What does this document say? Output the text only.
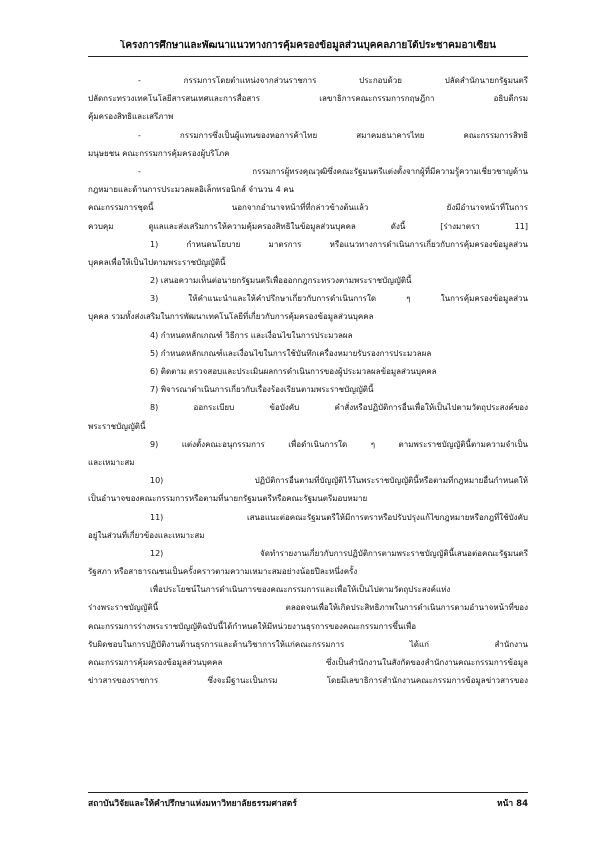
โครงการศึกษาและพัฒนาแนวทางการคุ้มครองข้อมูลส่วนบุคคลภายใต้ประชาคมอาเซียน
- กรรมการโดยตำแหน่งจากส่วนราชการ ประกอบด้วย ปลัดสำนักนายกรัฐมนตรี
ปลัดกระทรวงเทคโนโลยีสารสนเทศและการสื่อสาร เลขาธิการคณะกรรมการกฤษฎีกา อธิบดีกรม
คุ้มครองสิทธิและเสรีภาพ
- กรรมการซึ่งเป็นผู้แทนของหอการค้าไทย สมาคมธนาคารไทย คณะกรรมการสิทธิ
มนุษยชน คณะกรรมการคุ้มครองผู้บริโภค
- กรรมการผู้ทรงคุณวุฒิซึ่งคณะรัฐมนตรีแต่งตั้งจากผู้ที่มีความรู้ความเชี่ยวชาญด้าน
กฎหมายและด้านการประมวลผลอิเล็กทรอนิกส์ จำนวน 4 คน
คณะกรรมการชุดนี้ นอกจากอำนาจหน้าที่ที่กล่าวข้างต้นแล้ว ยังมีอำนาจหน้าที่ในการ
ควบคุม ดูแลและส่งเสริมการให้ความคุ้มครองสิทธิในข้อมูลส่วนบุคคล ดังนี้ [ร่างมาตรา 11]
1) กำหนดนโยบาย มาตรการ หรือแนวทางการดำเนินการเกี่ยวกับการคุ้มครองข้อมูลส่วน
บุคคลเพื่อให้เป็นไปตามพระราชบัญญัตินี้
2) เสนอความเห็นต่อนายกรัฐมนตรีเพื่อออกกฎกระทรวงตามพระราชบัญญัตินี้
3) ให้คำแนะนำและให้คำปรึกษาเกี่ยวกับการดำเนินการใด ๆ ในการคุ้มครองข้อมูลส่วน
บุคคล รวมทั้งส่งเสริมในการพัฒนาเทคโนโลยีที่เกี่ยวกับการคุ้มครองข้อมูลส่วนบุคคล
4) กำหนดหลักเกณฑ์ วิธีการ และเงื่อนไขในการประมวลผล
5) กำหนดหลักเกณฑ์และเงื่อนไขในการใช้บันทึกเครื่องหมายรับรองการประมวลผล
6) ติดตาม ตรวจสอบและประเมินผลการดำเนินการของผู้ประมวลผลข้อมูลส่วนบุคคล
7) พิจารณาดำเนินการเกี่ยวกับเรื่องร้องเรียนตามพระราชบัญญัตินี้
8) ออกระเบียบ ข้อบังคับ คำสั่งหรือปฏิบัติการอื่นเพื่อให้เป็นไปตามวัตถุประสงค์ของ
พระราชบัญญัตินี้
9) แต่งตั้งคณะอนุกรรมการ เพื่อดำเนินการใด ๆ ตามพระราชบัญญัตินี้ตามความจำเป็น
และเหมาะสม
10) ปฏิบัติการอื่นตามที่บัญญัติไว้ในพระราชบัญญัตินี้หรือตามที่กฎหมายอื่นกำหนดให้
เป็นอำนาจของคณะกรรมการหรือตามที่นายกรัฐมนตรีหรือคณะรัฐมนตรีมอบหมาย
11) เสนอแนะต่อคณะรัฐมนตรีให้มีการตราหรือปรับปรุงแก้ไขกฎหมายหรือกฎที่ใช้บังคับ
อยู่ในส่วนที่เกี่ยวข้องและเหมาะสม
12) จัดทำรายงานเกี่ยวกับการปฏิบัติการตามพระราชบัญญัตินี้เสนอต่อคณะรัฐมนตรี
รัฐสภา หรือสาธารณชนเป็นครั้งคราวตามความเหมาะสมอย่างน้อยปีละหนึ่งครั้ง
เพื่อประโยชน์ในการดำเนินการของคณะกรรมการและเพื่อให้เป็นไปตามวัตถุประสงค์แห่ง
ร่างพระราชบัญญัตินี้ ตลอดจนเพื่อให้เกิดประสิทธิภาพในการดำเนินการตามอำนาจหน้าที่ของ
คณะกรรมการร่างพระราชบัญญัติฉบับนี้ได้กำหนดให้มีหน่วยงานธุรการของคณะกรรมการขึ้นเพื่อ
รับผิดชอบในการปฏิบัติงานด้านธุรการและด้านวิชาการให้แก่คณะกรรมการ ได้แก่ สำนักงาน
คณะกรรมการคุ้มครองข้อมูลส่วนบุคคล ซึ่งเป็นสำนักงานในสังกัดของสำนักงานคณะกรรมการข้อมูล
ข่าวสารของราชการ ซึ่งจะมีฐานะเป็นกรม โดยมีเลขาธิการสำนักงานคณะกรรมการข้อมูลข่าวสารของ
สถาบันวิจัยและให้คำปรึกษาแห่งมหาวิทยาลัยธรรมศาสตร์	หน้า 84
